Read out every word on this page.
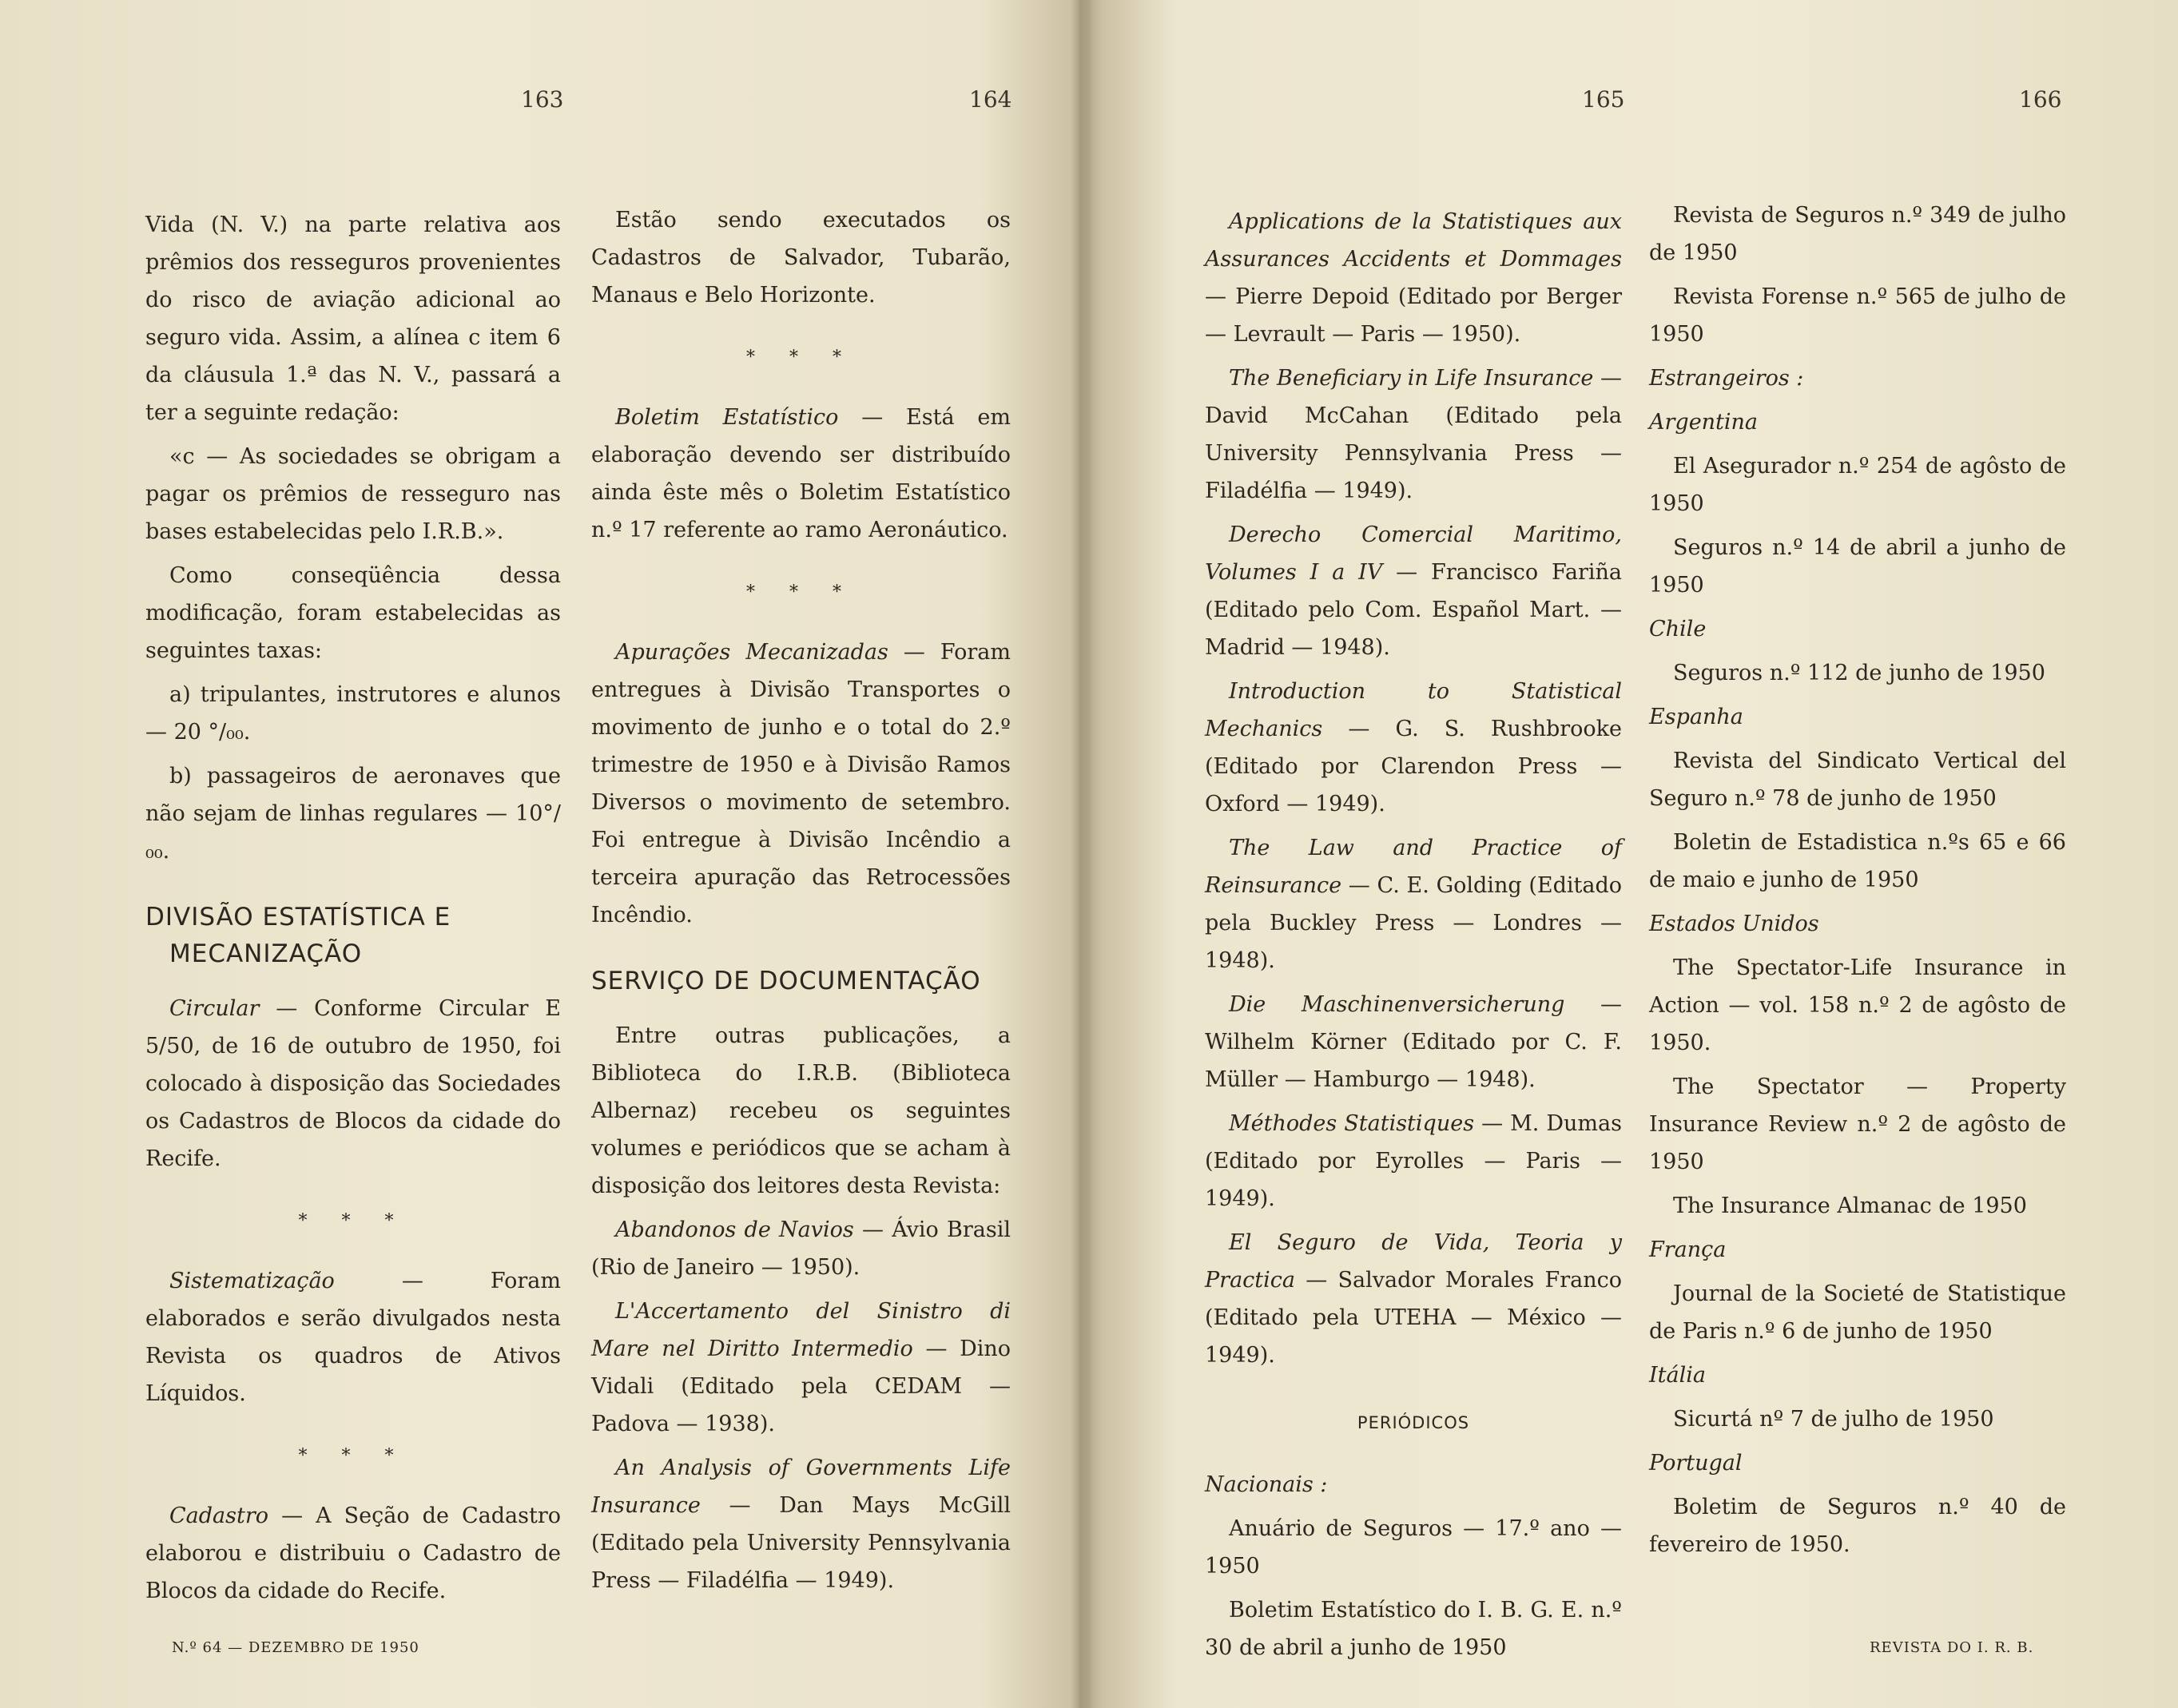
163	164	165	166

Vida (N. V.) na parte relativa aos prêmios dos resseguros provenientes do risco de aviação adicional ao seguro vida. Assim, a alínea c item 6 da cláusula 1.ª das N. V., passará a ter a seguinte redação:

«c — As sociedades se obrigam a pagar os prêmios de resseguro nas bases estabelecidas pelo I.R.B.».

Como conseqüência dessa modificação, foram estabelecidas as seguintes taxas:

a) tripulantes, instrutores e alunos — 20 °/₀₀.

b) passageiros de aeronaves que não sejam de linhas regulares — 10°/₀₀.

DIVISÃO ESTATÍSTICA E
MECANIZAÇÃO

Circular — Conforme Circular E 5/50, de 16 de outubro de 1950, foi colocado à disposição das Sociedades os Cadastros de Blocos da cidade do Recife.

* * *

Sistematização — Foram elaborados e serão divulgados nesta Revista os quadros de Ativos Líquidos.

* * *

Cadastro — A Seção de Cadastro elaborou e distribuiu o Cadastro de Blocos da cidade do Recife.

Estão sendo executados os Cadastros de Salvador, Tubarão, Manaus e Belo Horizonte.

* * *

Boletim Estatístico — Está em elaboração devendo ser distribuído ainda êste mês o Boletim Estatístico n.º 17 referente ao ramo Aeronáutico.

* * *

Apurações Mecanizadas — Foram entregues à Divisão Transportes o movimento de junho e o total do 2.º trimestre de 1950 e à Divisão Ramos Diversos o movimento de setembro. Foi entregue à Divisão Incêndio a terceira apuração das Retrocessões Incêndio.

SERVIÇO DE DOCUMENTAÇÃO

Entre outras publicações, a Biblioteca do I.R.B. (Biblioteca Albernaz) recebeu os seguintes volumes e periódicos que se acham à disposição dos leitores desta Revista:

Abandonos de Navios — Ávio Brasil (Rio de Janeiro — 1950).

L'Accertamento del Sinistro di Mare nel Diritto Intermedio — Dino Vidali (Editado pela CEDAM — Padova — 1938).

An Analysis of Governments Life Insurance — Dan Mays McGill (Editado pela University Pennsylvania Press — Filadélfia — 1949).

Applications de la Statistiques aux Assurances Accidents et Dommages — Pierre Depoid (Editado por Berger — Levrault — Paris — 1950).

The Beneficiary in Life Insurance — David McCahan (Editado pela University Pennsylvania Press — Filadélfia — 1949).

Derecho Comercial Maritimo, Volumes I a IV — Francisco Fariña (Editado pelo Com. Español Mart. — Madrid — 1948).

Introduction to Statistical Mechanics — G. S. Rushbrooke (Editado por Clarendon Press — Oxford — 1949).

The Law and Practice of Reinsurance — C. E. Golding (Editado pela Buckley Press — Londres — 1948).

Die Maschinenversicherung — Wilhelm Körner (Editado por C. F. Müller — Hamburgo — 1948).

Méthodes Statistiques — M. Dumas (Editado por Eyrolles — Paris — 1949).

El Seguro de Vida, Teoria y Practica — Salvador Morales Franco (Editado pela UTEHA — México — 1949).

PERIÓDICOS

Nacionais :

Anuário de Seguros — 17.º ano — 1950

Boletim Estatístico do I. B. G. E. n.º 30 de abril a junho de 1950

Revista de Seguros n.º 349 de julho de 1950

Revista Forense n.º 565 de julho de 1950

Estrangeiros :

Argentina

El Asegurador n.º 254 de agôsto de 1950

Seguros n.º 14 de abril a junho de 1950

Chile

Seguros n.º 112 de junho de 1950

Espanha

Revista del Sindicato Vertical del Seguro n.º 78 de junho de 1950

Boletin de Estadistica n.ºs 65 e 66 de maio e junho de 1950

Estados Unidos

The Spectator-Life Insurance in Action — vol. 158 n.º 2 de agôsto de 1950.

The Spectator — Property Insurance Review n.º 2 de agôsto de 1950

The Insurance Almanac de 1950

França

Journal de la Societé de Statistique de Paris n.º 6 de junho de 1950

Itália

Sicurtá nº 7 de julho de 1950

Portugal

Boletim de Seguros n.º 40 de fevereiro de 1950.

N.º 64 — DEZEMBRO DE 1950	REVISTA DO I. R. B.
